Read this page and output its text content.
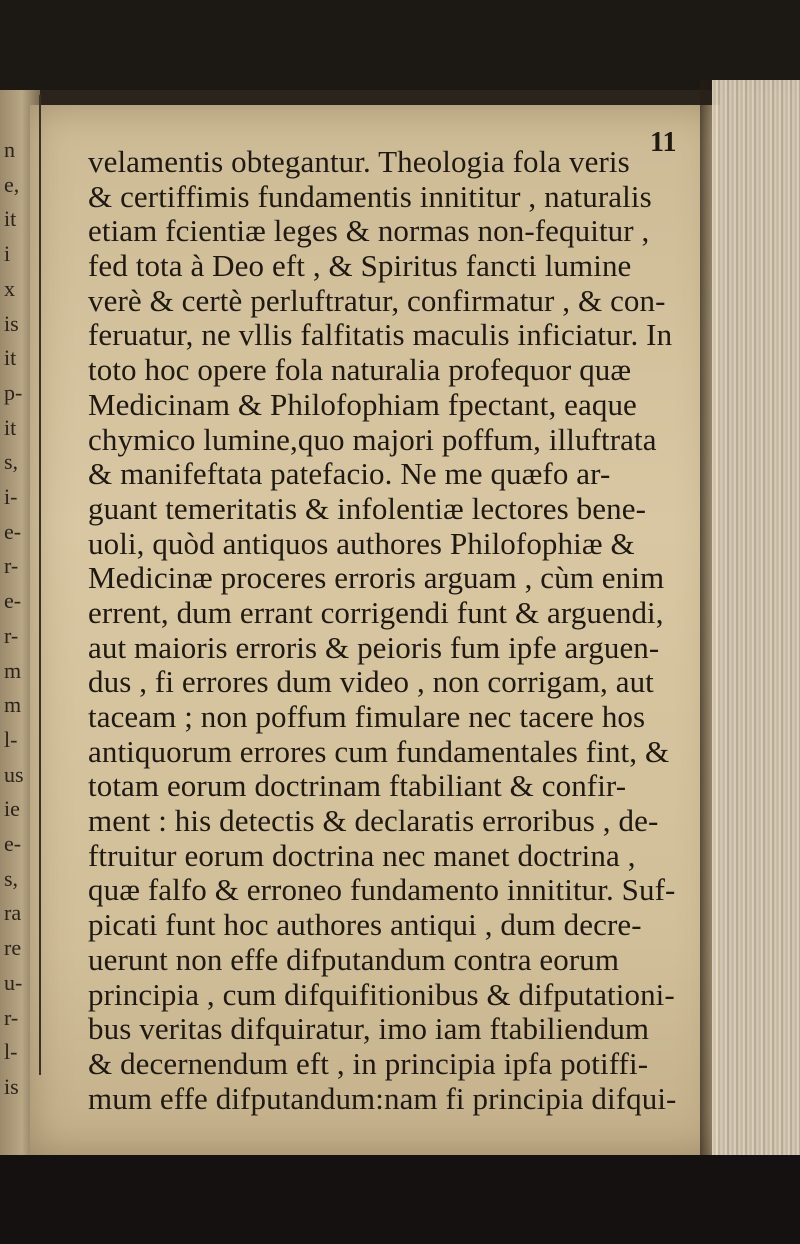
n
e,
it
i
x
is
it
p-
it
s,
i-
e-
r-
e-
r-
m
m
l-
us
ie
e-
s,
ra
re
u-
r-
l-
is
11
velamentis obtegantur. Theologia fola veris
& certiffimis fundamentis innititur , naturalis
etiam fcientiæ leges & normas non-fequitur ,
fed tota à Deo eft , & Spiritus fancti lumine
verè & certè perluftratur, confirmatur , & con-
feruatur, ne vllis falfitatis maculis inficiatur. In
toto hoc opere fola naturalia profequor quæ
Medicinam & Philofophiam fpectant, eaque
chymico lumine,quo majori poffum, illuftrata
& manifeftata patefacio. Ne me quæfo ar-
guant temeritatis & infolentiæ lectores bene-
uoli, quòd antiquos authores Philofophiæ &
Medicinæ proceres erroris arguam , cùm enim
errent, dum errant corrigendi funt & arguendi,
aut maioris erroris & peioris fum ipfe arguen-
dus , fi errores dum video , non corrigam, aut
taceam ; non poffum fimulare nec tacere hos
antiquorum errores cum fundamentales fint, &
totam eorum doctrinam ftabiliant & confir-
ment : his detectis & declaratis erroribus , de-
ftruitur eorum doctrina nec manet doctrina ,
quæ falfo & erroneo fundamento innititur. Suf-
picati funt hoc authores antiqui , dum decre-
uerunt non effe difputandum contra eorum
principia , cum difquifitionibus & difputationi-
bus veritas difquiratur, imo iam ftabiliendum
& decernendum eft , in principia ipfa potiffi-
mum effe difputandum:nam fi principia difqui-
